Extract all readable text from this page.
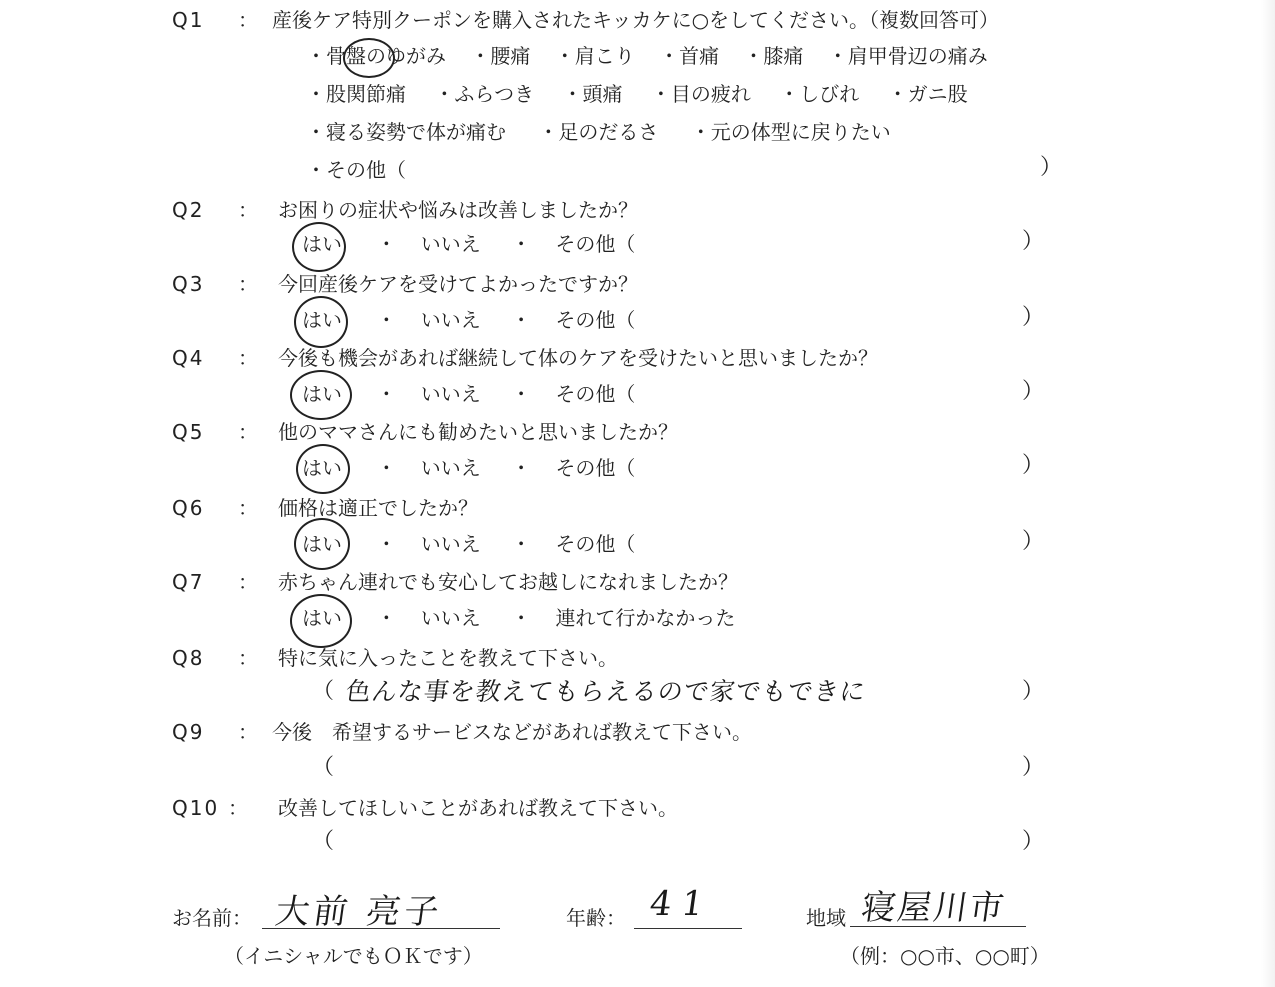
Q1 ： 産後ケア特別クーポンを購入されたキッカケに○をしてください。（複数回答可）
・骨盤のゆがみ ・腰痛 ・肩こり ・首痛 ・膝痛 ・肩甲骨辺の痛み
・股関節痛 ・ふらつき ・頭痛 ・目の疲れ ・しびれ ・ガニ股
・寝る姿勢で体が痛む ・足のだるさ ・元の体型に戻りたい
・その他（	）
Q2 ： お困りの症状や悩みは改善しましたか？
はい ・ いいえ ・ その他（	）
Q3 ： 今回産後ケアを受けてよかったですか？
はい ・ いいえ ・ その他（	）
Q4 ： 今後も機会があれば継続して体のケアを受けたいと思いましたか？
はい ・ いいえ ・ その他（	）
Q5 ： 他のママさんにも勧めたいと思いましたか？
はい ・ いいえ ・ その他（	）
Q6 ： 価格は適正でしたか？
はい ・ いいえ ・ その他（	）
Q7 ： 赤ちゃん連れでも安心してお越しになれましたか？
はい ・ いいえ ・ 連れて行かなかった
Q8 ： 特に気に入ったことを教えて下さい。
（ 色んな事を教えてもらえるので家でもできに	）
Q9 ： 今後　希望するサービスなどがあれば教えて下さい。
（	）
Q10 ： 改善してほしいことがあれば教えて下さい。
（	）
お名前： 大前 亮子
（イニシャルでもＯＫです）
年齢： 41	地域 寝屋川市
（例：○○市、○○町）
